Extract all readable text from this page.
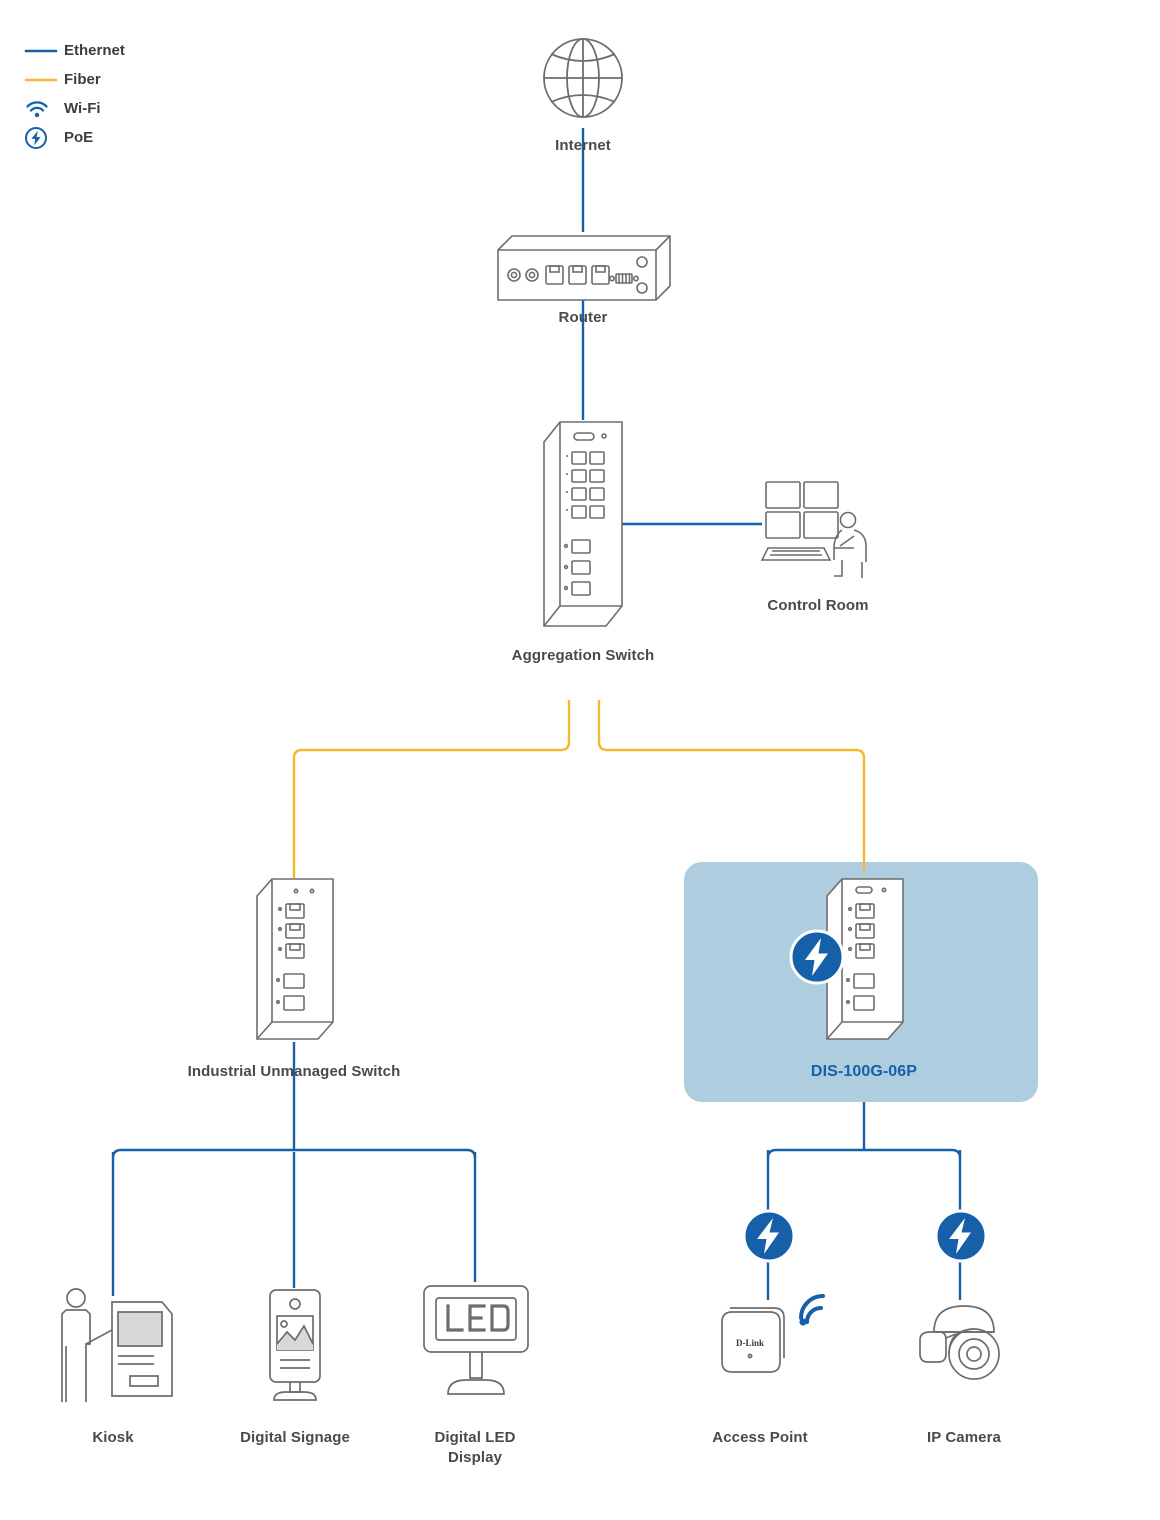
Ethernet
Fiber
Wi-Fi
PoE	Internet
Router
Aggregation Switch
Control Room
Industrial Unmanaged Switch	DIS-100G-06P
Kiosk	Digital Signage	Digital LED
Display
D-Link
Access Point	IP Camera
